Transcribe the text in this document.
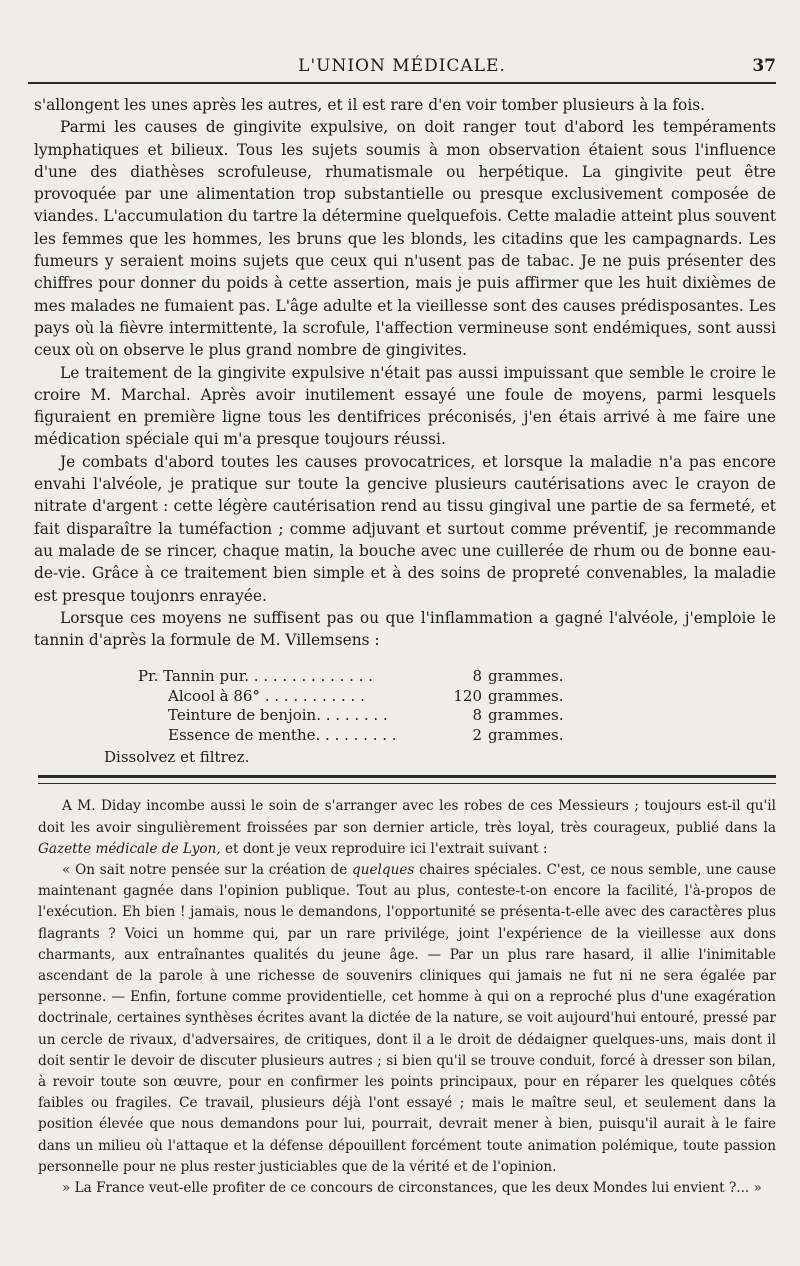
L'UNION MÉDICALE.	37

s'allongent les unes après les autres, et il est rare d'en voir tomber plusieurs à la fois.

Parmi les causes de gingivite expulsive, on doit ranger tout d'abord les tempéraments lymphatiques et bilieux. Tous les sujets soumis à mon observation étaient sous l'influence d'une des diathèses scrofuleuse, rhumatismale ou herpétique. La gingivite peut être provoquée par une alimentation trop substantielle ou presque exclusivement composée de viandes. L'accumulation du tartre la détermine quelquefois. Cette maladie atteint plus souvent les femmes que les hommes, les bruns que les blonds, les citadins que les campagnards. Les fumeurs y seraient moins sujets que ceux qui n'usent pas de tabac. Je ne puis présenter des chiffres pour donner du poids à cette assertion, mais je puis affirmer que les huit dixièmes de mes malades ne fumaient pas. L'âge adulte et la vieillesse sont des causes prédisposantes. Les pays où la fièvre intermittente, la scrofule, l'affection vermineuse sont endémiques, sont aussi ceux où on observe le plus grand nombre de gingivites.

Le traitement de la gingivite expulsive n'était pas aussi impuissant que semble le croire le croire M. Marchal. Après avoir inutilement essayé une foule de moyens, parmi lesquels figuraient en première ligne tous les dentifrices préconisés, j'en étais arrivé à me faire une médication spéciale qui m'a presque toujours réussi.

Je combats d'abord toutes les causes provocatrices, et lorsque la maladie n'a pas encore envahi l'alvéole, je pratique sur toute la gencive plusieurs cautérisations avec le crayon de nitrate d'argent : cette légère cautérisation rend au tissu gingival une partie de sa fermeté, et fait disparaître la tuméfaction ; comme adjuvant et surtout comme préventif, je recommande au malade de se rincer, chaque matin, la bouche avec une cuillerée de rhum ou de bonne eau-de-vie. Grâce à ce traitement bien simple et à des soins de propreté convenables, la maladie est presque toujonrs enrayée.

Lorsque ces moyens ne suffisent pas ou que l'inflammation a gagné l'alvéole, j'emploie le tannin d'après la formule de M. Villemsens :

Pr. Tannin pur. . . . . . . . . . . . . .	8 grammes.
Alcool à 86° . . . . . . . . . . .	120 grammes.
Teinture de benjoin. . . . . . . .	8 grammes.
Essence de menthe. . . . . . . . .	2 grammes.
Dissolvez et filtrez.

A M. Diday incombe aussi le soin de s'arranger avec les robes de ces Messieurs ; toujours est-il qu'il doit les avoir singulièrement froissées par son dernier article, très loyal, très courageux, publié dans la Gazette médicale de Lyon, et dont je veux reproduire ici l'extrait suivant :

« On sait notre pensée sur la création de quelques chaires spéciales. C'est, ce nous semble, une cause maintenant gagnée dans l'opinion publique. Tout au plus, conteste-t-on encore la facilité, l'à-propos de l'exécution. Eh bien ! jamais, nous le demandons, l'opportunité se présenta-t-elle avec des caractères plus flagrants ? Voici un homme qui, par un rare privilége, joint l'expérience de la vieillesse aux dons charmants, aux entraînantes qualités du jeune âge. — Par un plus rare hasard, il allie l'inimitable ascendant de la parole à une richesse de souvenirs cliniques qui jamais ne fut ni ne sera égalée par personne. — Enfin, fortune comme providentielle, cet homme à qui on a reproché plus d'une exagération doctrinale, certaines synthèses écrites avant la dictée de la nature, se voit aujourd'hui entouré, pressé par un cercle de rivaux, d'adversaires, de critiques, dont il a le droit de dédaigner quelques-uns, mais dont il doit sentir le devoir de discuter plusieurs autres ; si bien qu'il se trouve conduit, forcé à dresser son bilan, à revoir toute son œuvre, pour en confirmer les points principaux, pour en réparer les quelques côtés faibles ou fragiles. Ce travail, plusieurs déjà l'ont essayé ; mais le maître seul, et seulement dans la position élevée que nous demandons pour lui, pourrait, devrait mener à bien, puisqu'il aurait à le faire dans un milieu où l'attaque et la défense dépouillent forcément toute animation polémique, toute passion personnelle pour ne plus rester justiciables que de la vérité et de l'opinion.

» La France veut-elle profiter de ce concours de circonstances, que les deux Mondes lui envient ?... »
